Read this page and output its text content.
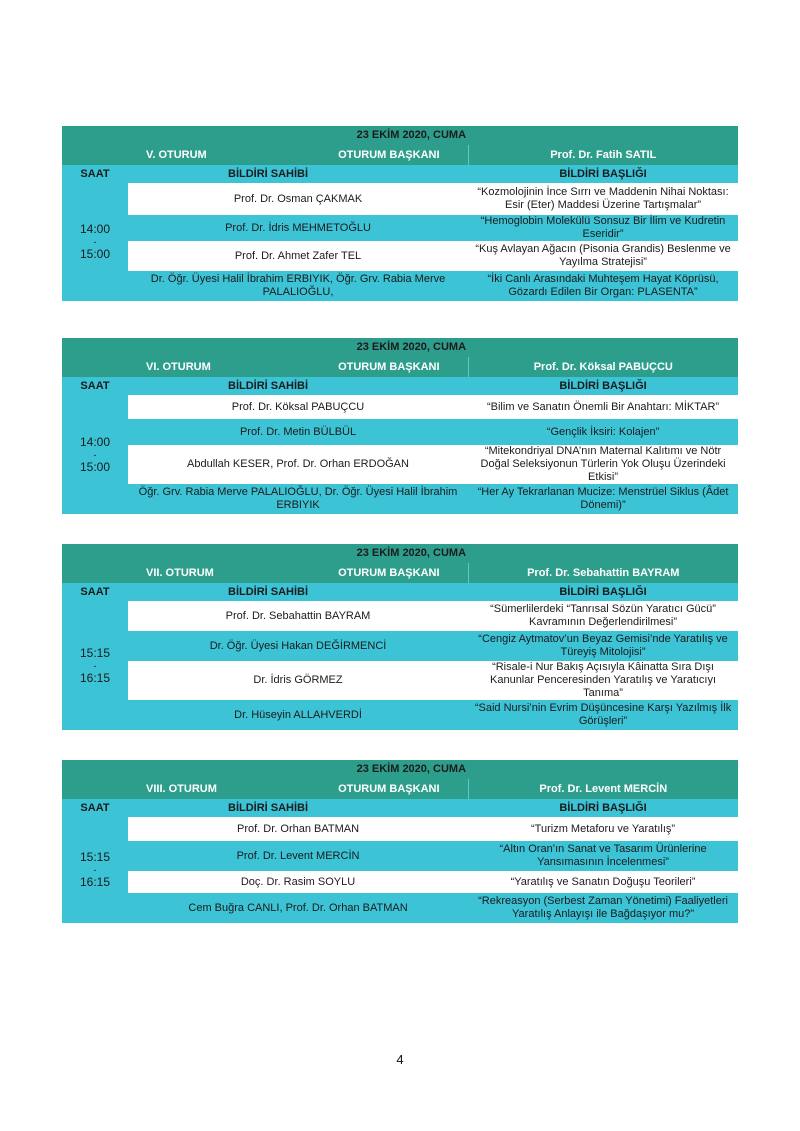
23 EKİM 2020, CUMA			
V. OTURUM		OTURUM BAŞKANI	Prof. Dr. Fatih SATIL
SAAT	BİLDİRİ SAHİBİ		BİLDİRİ BAŞLIĞI

14:00
-
15:00	Prof. Dr. Osman ÇAKMAK		“Kozmolojinin İnce Sırrı ve Maddenin Nihai Noktası: Esir (Eter) Maddesi Üzerine Tartışmalar”
	Prof. Dr. İdris MEHMETOĞLU		“Hemoglobin Molekülü Sonsuz Bir İlim ve Kudretin Eseridir”
	Prof. Dr. Ahmet Zafer TEL		“Kuş Avlayan Ağacın (Pisonia Grandis) Beslenme ve Yayılma Stratejisi”
	Dr. Öğr. Üyesi Halil İbrahim ERBIYIK, Öğr. Grv. Rabia Merve PALALIOĞLU,		“İki Canlı Arasındaki Muhteşem Hayat Köprüsü, Gözardı Edilen Bir Organ: PLASENTA”
23 EKİM 2020, CUMA			
VI. OTURUM		OTURUM BAŞKANI	Prof. Dr. Köksal PABUÇCU
SAAT	BİLDİRİ SAHİBİ		BİLDİRİ BAŞLIĞI

14:00
-
15:00	Prof. Dr. Köksal PABUÇCU		“Bilim ve Sanatın Önemli Bir Anahtarı: MİKTAR”
	Prof. Dr. Metin BÜLBÜL		“Gençlik İksiri: Kolajen”
	Abdullah KESER, Prof. Dr. Orhan ERDOĞAN		“Mitekondriyal DNA’nın Maternal Kalıtımı ve Nötr Doğal Seleksiyonun Türlerin Yok Oluşu Üzerindeki Etkisi”
	Öğr. Grv. Rabia Merve PALALIOĞLU, Dr. Öğr. Üyesi Halil İbrahim ERBIYIK		“Her Ay Tekrarlanan Mucize: Menstrüel Siklus (Âdet Dönemi)”
23 EKİM 2020, CUMA			
VII. OTURUM		OTURUM BAŞKANI	Prof. Dr. Sebahattin BAYRAM
SAAT	BİLDİRİ SAHİBİ		BİLDİRİ BAŞLIĞI

15:15
-
16:15	Prof. Dr. Sebahattin BAYRAM		“Sümerlilerdeki “Tanrısal Sözün Yaratıcı Gücü” Kavramının Değerlendirilmesi”
	Dr. Öğr. Üyesi Hakan DEĞİRMENCİ		“Cengiz Aytmatov’un Beyaz Gemisi’nde Yaratılış ve Türeyiş Mitolojisi”
	Dr. İdris GÖRMEZ		“Risale-i Nur Bakış Açısıyla Kâinatta Sıra Dışı Kanunlar Penceresinden Yaratılış ve Yaratıcıyı Tanıma”
	Dr. Hüseyin ALLAHVERDİ		“Said Nursi’nin Evrim Düşüncesine Karşı Yazılmış İlk Görüşleri”
23 EKİM 2020, CUMA			
VIII. OTURUM		OTURUM BAŞKANI	Prof. Dr. Levent MERCİN
SAAT	BİLDİRİ SAHİBİ		BİLDİRİ BAŞLIĞI

15:15
-
16:15	Prof. Dr. Orhan BATMAN		“Turizm Metaforu ve Yaratılış”
	Prof. Dr. Levent MERCİN		“Altın Oran’ın Sanat ve Tasarım Ürünlerine Yansımasının İncelenmesi”
	Doç. Dr. Rasim SOYLU		“Yaratılış ve Sanatın Doğuşu Teorileri”
	Cem Buğra CANLI, Prof. Dr. Orhan BATMAN		“Rekreasyon (Serbest Zaman Yönetimi) Faaliyetleri Yaratılış Anlayışı ile Bağdaşıyor mu?”
4
